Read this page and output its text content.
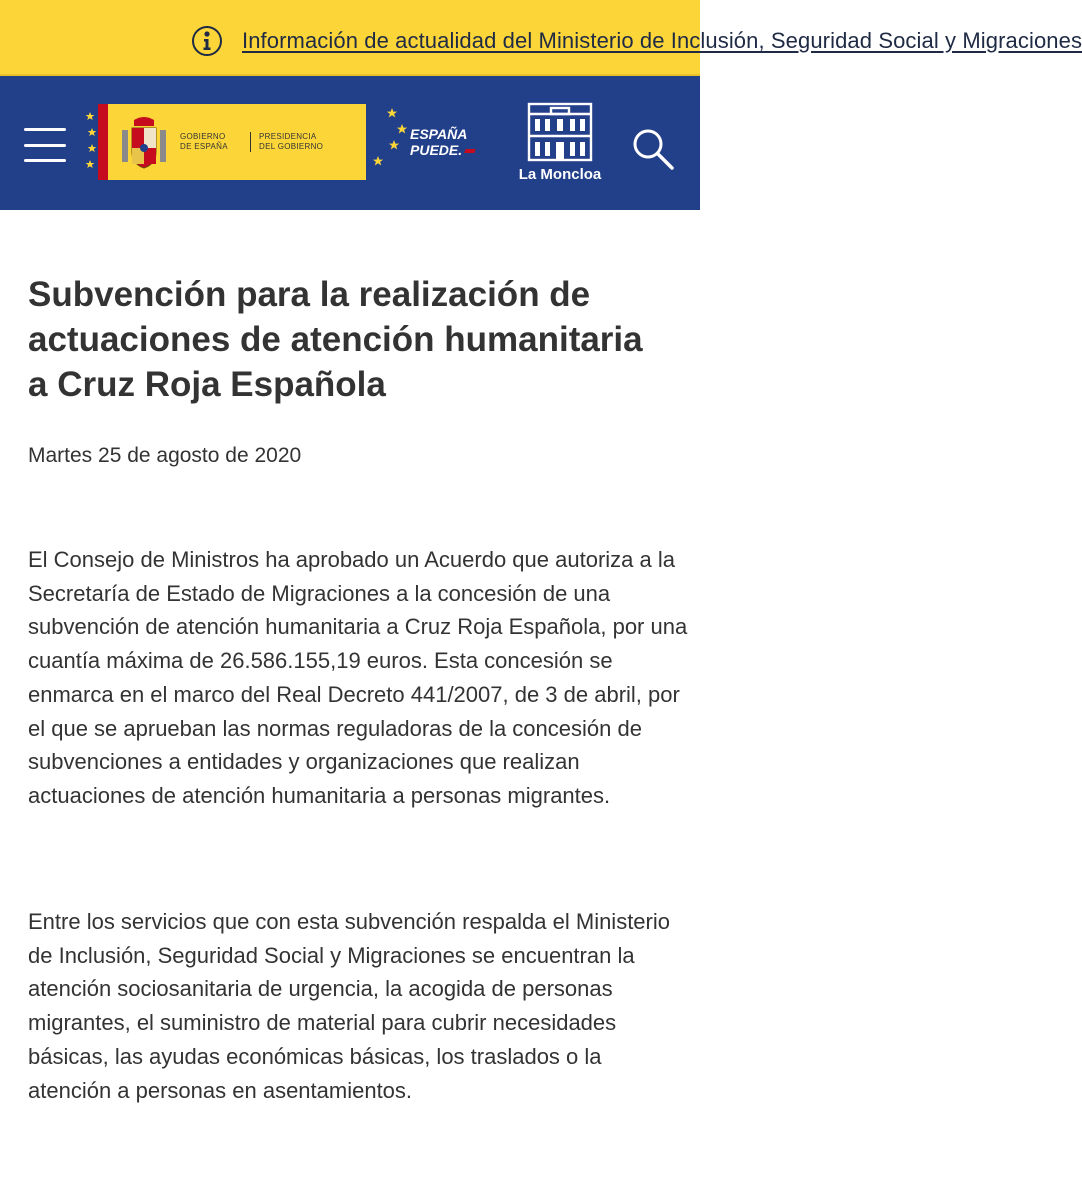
Información de actualidad del Ministerio de Inclusión, Seguridad Social y Migraciones
GOBIERNO
DE ESPAÑA
PRESIDENCIA
DEL GOBIERNO
ESPAÑA
PUEDE.
La Moncloa
Subvención para la realización de actuaciones de atención humanitaria a Cruz Roja Española
Martes 25 de agosto de 2020

El Consejo de Ministros ha aprobado un Acuerdo que autoriza a la Secretaría de Estado de Migraciones a la concesión de una subvención de atención humanitaria a Cruz Roja Española, por una cuantía máxima de 26.586.155,19 euros. Esta concesión se enmarca en el marco del Real Decreto 441/2007, de 3 de abril, por el que se aprueban las normas reguladoras de la concesión de subvenciones a entidades y organizaciones que realizan actuaciones de atención humanitaria a personas migrantes.

Entre los servicios que con esta subvención respalda el Ministerio de Inclusión, Seguridad Social y Migraciones se encuentran la atención sociosanitaria de urgencia, la acogida de personas migrantes, el suministro de material para cubrir necesidades básicas, las ayudas económicas básicas, los traslados o la atención a personas en asentamientos.
